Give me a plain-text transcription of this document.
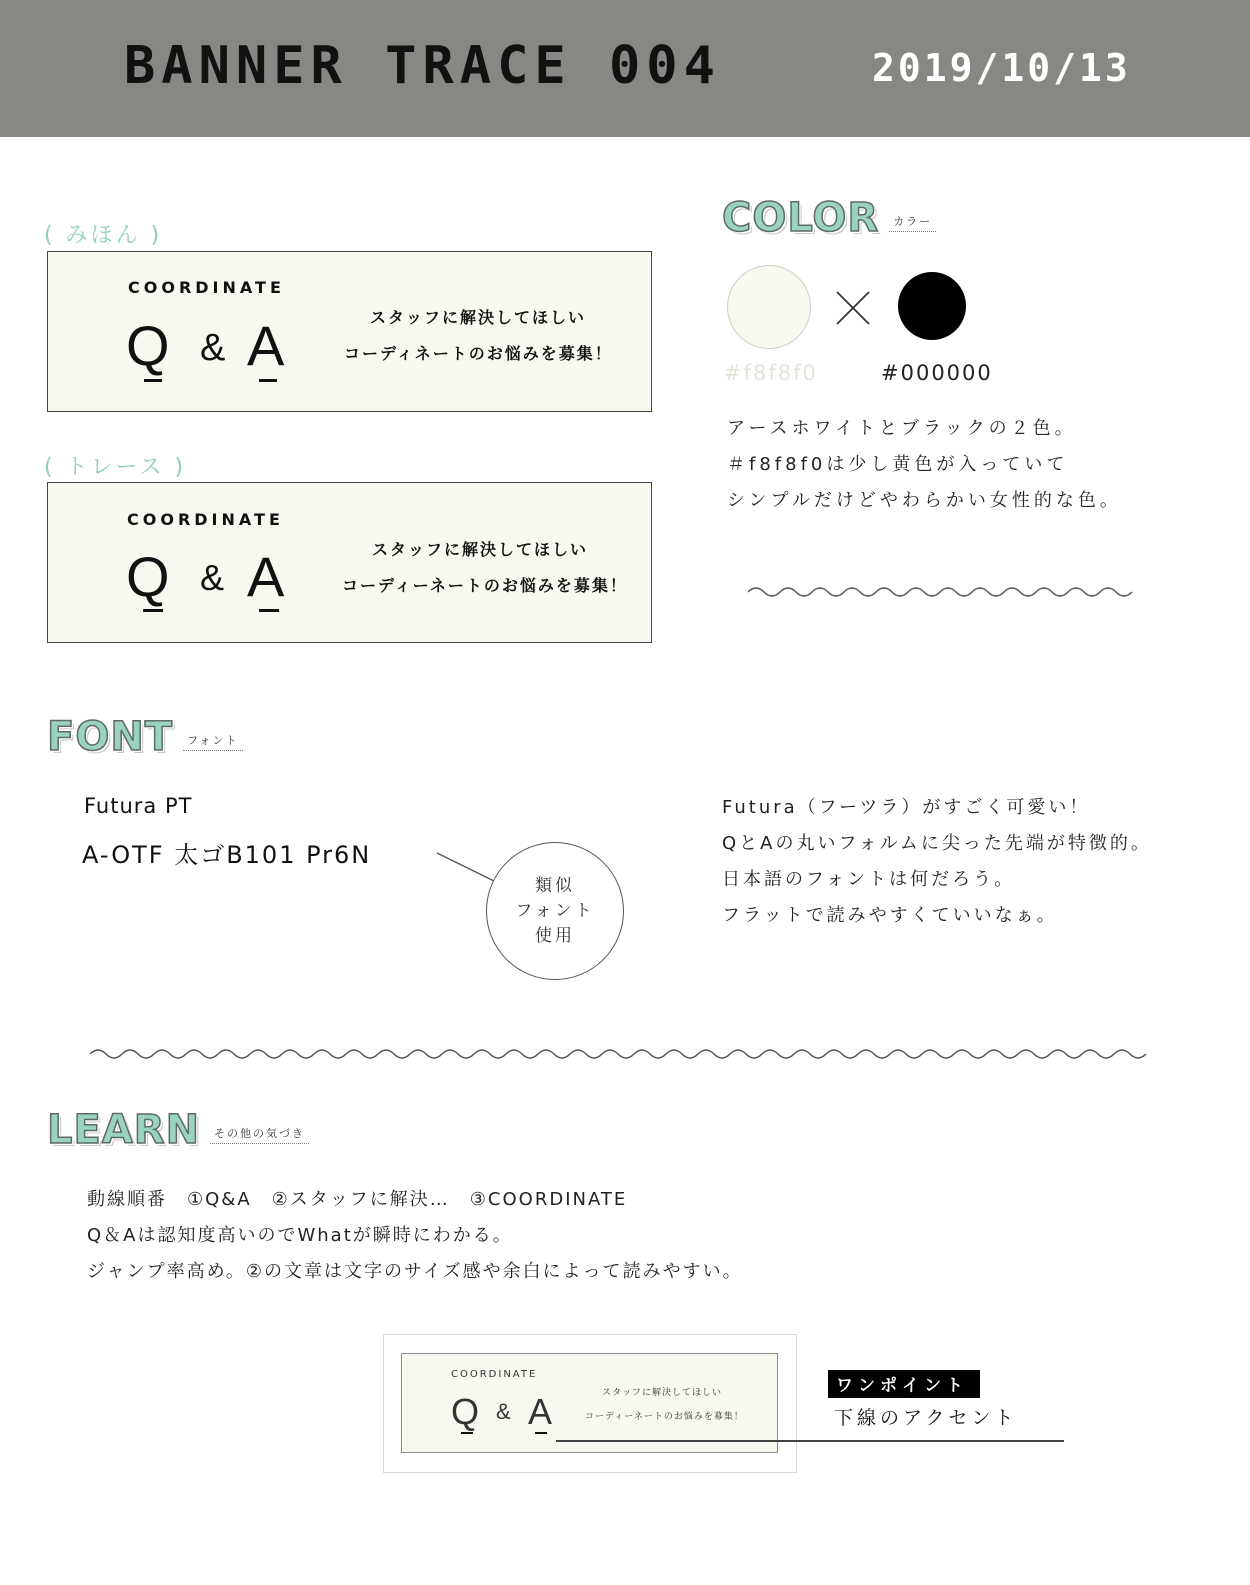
BANNER TRACE 004	2019/10/13
( みほん )
COORDINATE
Q & A	スタッフに解決してほしい
コーディネートのお悩みを募集！
( トレース )
COORDINATE
Q & A	スタッフに解決してほしい
コーディーネートのお悩みを募集！
COLOR	カラー
#f8f8f0	#000000
アースホワイトとブラックの２色。
＃f8f8f0は少し黄色が入っていて
シンプルだけどやわらかい女性的な色。
FONT	フォント
Futura PT
A-OTF 太ゴB101 Pr6N
類似
フォント
使用
Futura（フーツラ）がすごく可愛い！
QとAの丸いフォルムに尖った先端が特徴的。
日本語のフォントは何だろう。
フラットで読みやすくていいなぁ。
LEARN	その他の気づき
動線順番　①Q&A　②スタッフに解決…　③COORDINATE
Q＆Aは認知度高いのでWhatが瞬時にわかる。
ジャンプ率高め。②の文章は文字のサイズ感や余白によって読みやすい。
COORDINATE
Q & A	スタッフに解決してほしい
コーディーネートのお悩みを募集！
ワンポイント
下線のアクセント
